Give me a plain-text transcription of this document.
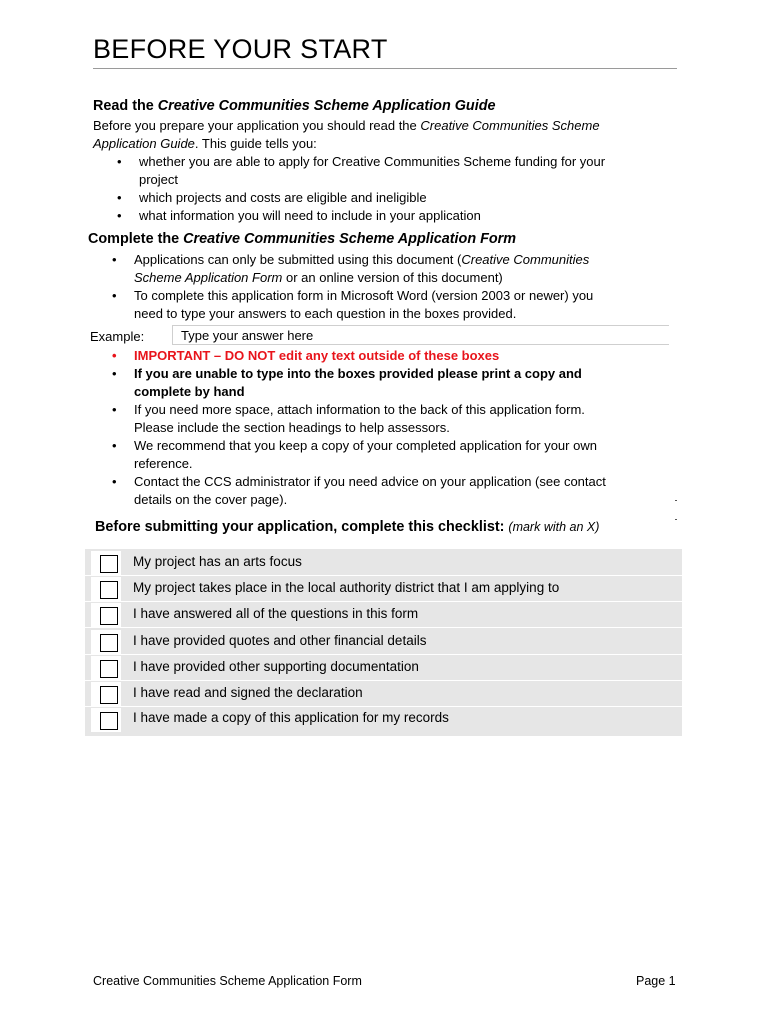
BEFORE YOUR START
Read the Creative Communities Scheme Application Guide
Before you prepare your application you should read the Creative Communities Scheme
Application Guide. This guide tells you:
• whether you are able to apply for Creative Communities Scheme funding for your
project
• which projects and costs are eligible and ineligible
• what information you will need to include in your application
Complete the Creative Communities Scheme Application Form
• Applications can only be submitted using this document (Creative Communities
Scheme Application Form or an online version of this document)
• To complete this application form in Microsoft Word (version 2003 or newer) you
need to type your answers to each question in the boxes provided.
Example:	Type your answer here
• IMPORTANT – DO NOT edit any text outside of these boxes
• If you are unable to type into the boxes provided please print a copy and
complete by hand
• If you need more space, attach information to the back of this application form.
Please include the section headings to help assessors.
• We recommend that you keep a copy of your completed application for your own
reference.
• Contact the CCS administrator if you need advice on your application (see contact
details on the cover page).
Before submitting your application, complete this checklist: (mark with an X)
My project has an arts focus
My project takes place in the local authority district that I am applying to
I have answered all of the questions in this form
I have provided quotes and other financial details
I have provided other supporting documentation
I have read and signed the declaration
I have made a copy of this application for my records
Creative Communities Scheme Application Form	Page 1
